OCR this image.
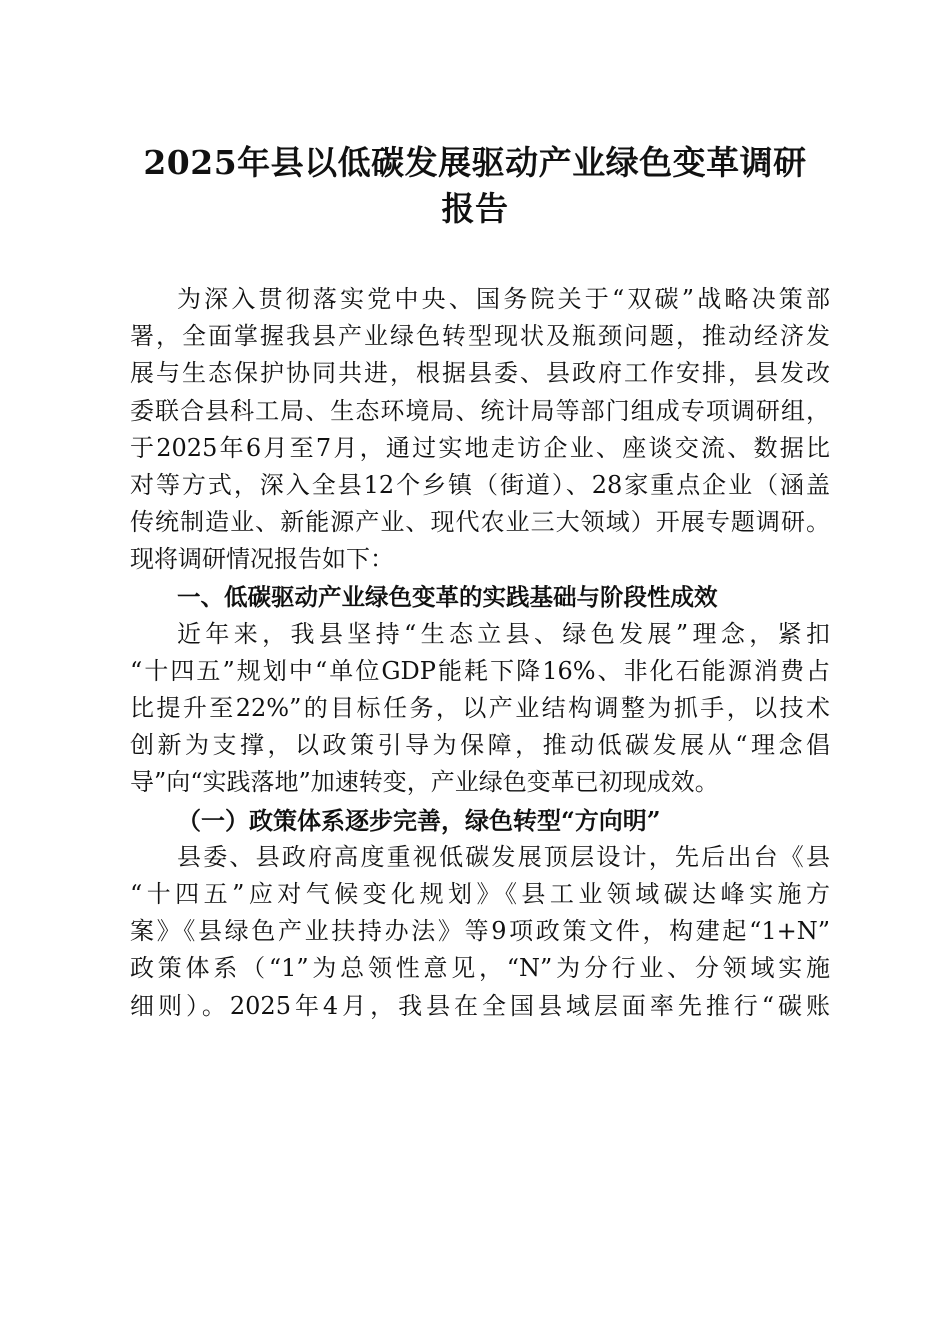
2025年县以低碳发展驱动产业绿色变革调研
报告
为深入贯彻落实党中央、国务院关于“双碳”战略决策部
署，全面掌握我县产业绿色转型现状及瓶颈问题，推动经济发
展与生态保护协同共进，根据县委、县政府工作安排，县发改
委联合县科工局、生态环境局、统计局等部门组成专项调研组，
于2025年6月至7月，通过实地走访企业、座谈交流、数据比
对等方式，深入全县12个乡镇（街道）、28家重点企业（涵盖
传统制造业、新能源产业、现代农业三大领域）开展专题调研。
现将调研情况报告如下：
一、低碳驱动产业绿色变革的实践基础与阶段性成效
近年来，我县坚持“生态立县、绿色发展”理念，紧扣
“十四五”规划中“单位GDP能耗下降16%、非化石能源消费占
比提升至22%”的目标任务，以产业结构调整为抓手，以技术
创新为支撑，以政策引导为保障，推动低碳发展从“理念倡
导”向“实践落地”加速转变，产业绿色变革已初现成效。
（一）政策体系逐步完善，绿色转型“方向明”
县委、县政府高度重视低碳发展顶层设计，先后出台《县
“十四五”应对气候变化规划》《县工业领域碳达峰实施方
案》《县绿色产业扶持办法》等9项政策文件，构建起“1+N”
政策体系（“1”为总领性意见，“N”为分行业、分领域实施
细则）。2025年4月，我县在全国县域层面率先推行“碳账
